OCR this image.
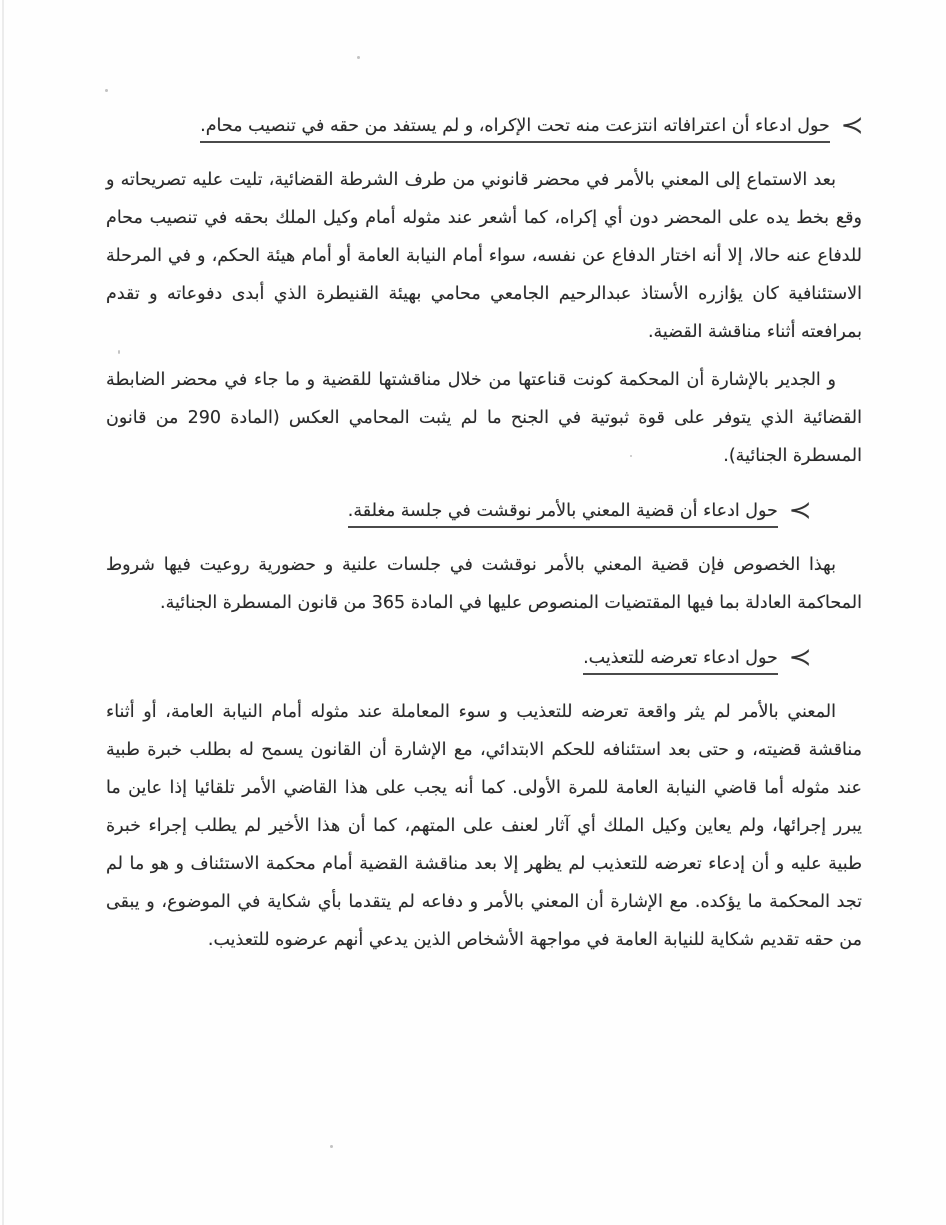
≻حول ادعاء أن اعترافاته انتزعت منه تحت الإكراه، و لم يستفد من حقه في تنصيب محام.

بعد الاستماع إلى المعني بالأمر في محضر قانوني من طرف الشرطة القضائية، تليت عليه تصريحاته و وقع بخط يده على المحضر دون أي إكراه، كما أشعر عند مثوله أمام وكيل الملك بحقه في تنصيب محام للدفاع عنه حالا، إلا أنه اختار الدفاع عن نفسه، سواء أمام النيابة العامة أو أمام هيئة الحكم، و في المرحلة الاستئنافية كان يؤازره الأستاذ عبدالرحيم الجامعي محامي بهيئة القنيطرة الذي أبدى دفوعاته و تقدم بمرافعته أثناء مناقشة القضية.

و الجدير بالإشارة أن المحكمة كونت قناعتها من خلال مناقشتها للقضية و ما جاء في محضر الضابطة القضائية الذي يتوفر على قوة ثبوتية في الجنح ما لم يثبت المحامي العكس (المادة 290 من قانون المسطرة الجنائية).

≻حول ادعاء أن قضية المعني بالأمر نوقشت في جلسة مغلقة.

بهذا الخصوص فإن قضية المعني بالأمر نوقشت في جلسات علنية و حضورية روعيت فيها شروط المحاكمة العادلة بما فيها المقتضيات المنصوص عليها في المادة 365 من قانون المسطرة الجنائية.

≻حول ادعاء تعرضه للتعذيب.

المعني بالأمر لم يثر واقعة تعرضه للتعذيب و سوء المعاملة عند مثوله أمام النيابة العامة، أو أثناء مناقشة قضيته، و حتى بعد استئنافه للحكم الابتدائي، مع الإشارة أن القانون يسمح له بطلب خبرة طبية عند مثوله أما قاضي النيابة العامة للمرة الأولى. كما أنه يجب على هذا القاضي الأمر تلقائيا إذا عاين ما يبرر إجرائها، ولم يعاين وكيل الملك أي آثار لعنف على المتهم، كما أن هذا الأخير لم يطلب إجراء خبرة طبية عليه و أن إدعاء تعرضه للتعذيب لم يظهر إلا بعد مناقشة القضية أمام محكمة الاستئناف و هو ما لم تجد المحكمة ما يؤكده. مع الإشارة أن المعني بالأمر و دفاعه لم يتقدما بأي شكاية في الموضوع، و يبقى من حقه تقديم شكاية للنيابة العامة في مواجهة الأشخاص الذين يدعي أنهم عرضوه للتعذيب.
